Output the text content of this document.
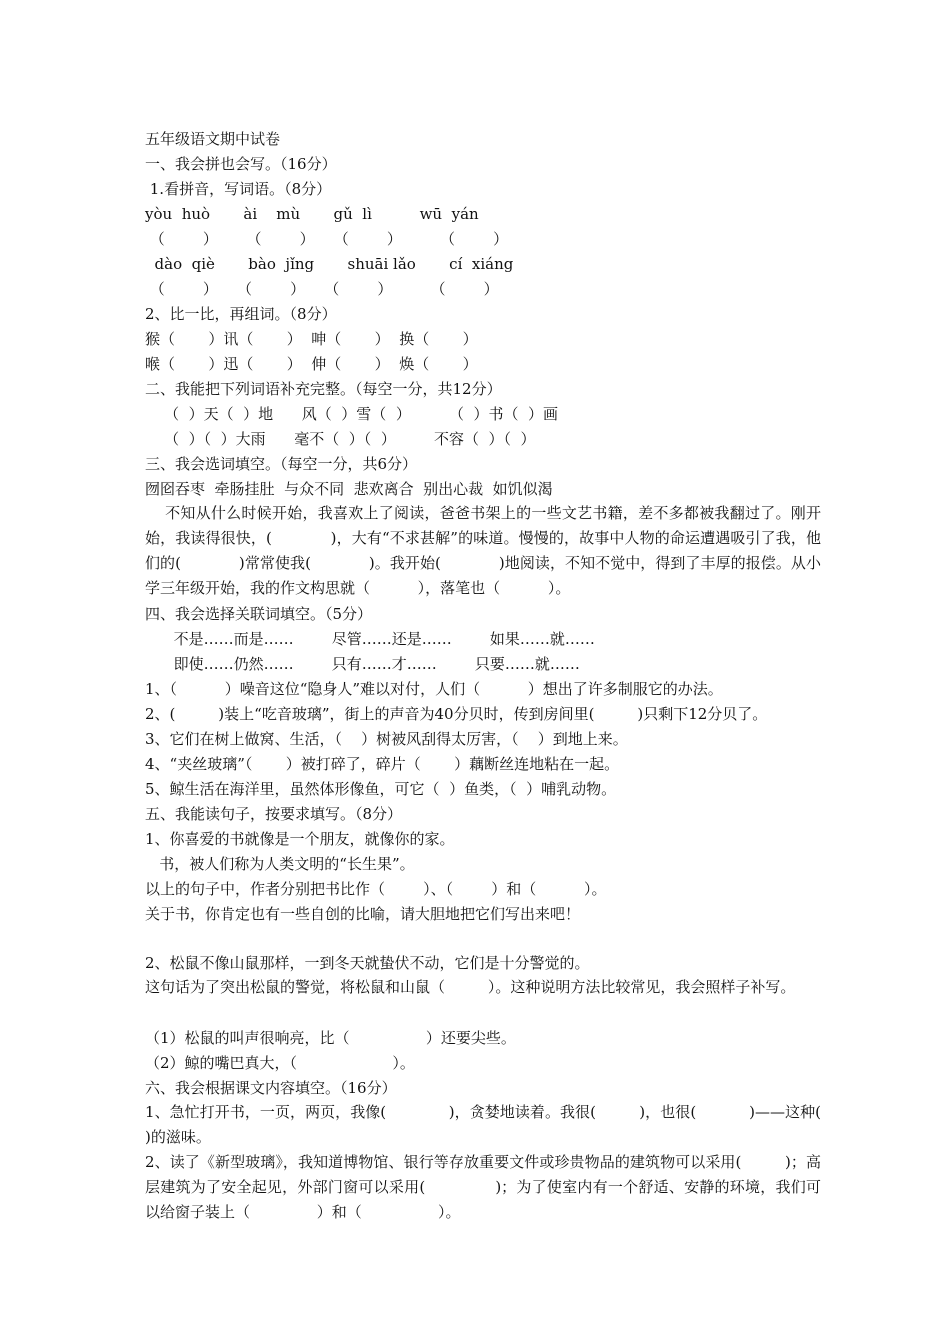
五年级语文期中试卷
一、我会拼也会写。（16分）
1.看拼音，写词语。（8分）
yòu  huò       ài    mù       gǔ  lì          wū  yán
（        ）      （        ）    （        ）        （        ）
dào  qiè       bào  jǐng       shuāi lǎo       cí  xiáng
（        ）    （        ）    （        ）        （        ）
2、比一比，再组词。（8分）
猴（       ）讯（       ）  呻（       ）  换（       ）
喉（       ）迅（       ）  伸（       ）  焕（       ）
二、我能把下列词语补充完整。（每空一分，共12分）
（  ）天（  ）地      风（  ）雪（  ）        （  ）书（  ）画
（  ）（  ）大雨      毫不（  ）（  ）        不容（  ）（  ）
三、我会选词填空。（每空一分，共6分）
囫囵吞枣  牵肠挂肚  与众不同  悲欢离合  别出心裁  如饥似渴
不知从什么时候开始，我喜欢上了阅读，爸爸书架上的一些文艺书籍，差不多都被我翻过了。刚开始，我读得很快，(            )，大有“不求甚解”的味道。慢慢的，故事中人物的命运遭遇吸引了我，他们的(            )常常使我(            )。我开始(            )地阅读，不知不觉中，得到了丰厚的报偿。从小学三年级开始，我的作文构思就（          ），落笔也（          ）。
四、我会选择关联词填空。（5分）
不是……而是……        尽管……还是……        如果……就……
即使……仍然……        只有……才……        只要……就……
1、（          ）噪音这位“隐身人”难以对付，人们（          ）想出了许多制服它的办法。
2、(         )装上“吃音玻璃”，街上的声音为40分贝时，传到房间里(         )只剩下12分贝了。
3、它们在树上做窝、生活，（    ）树被风刮得太厉害，（    ）到地上来。
4、“夹丝玻璃”（       ）被打碎了，碎片（       ）藕断丝连地粘在一起。
5、鲸生活在海洋里，虽然体形像鱼，可它（  ）鱼类，（  ）哺乳动物。
五、我能读句子，按要求填写。（8分）
1、你喜爱的书就像是一个朋友，就像你的家。
书，被人们称为人类文明的“长生果”。
以上的句子中，作者分别把书比作（        ）、（        ）和（          ）。
关于书，你肯定也有一些自创的比喻，请大胆地把它们写出来吧！
2、松鼠不像山鼠那样，一到冬天就蛰伏不动，它们是十分警觉的。
这句话为了突出松鼠的警觉，将松鼠和山鼠（         ）。这种说明方法比较常见，我会照样子补写。
（1）松鼠的叫声很响亮，比（                ）还要尖些。
（2）鲸的嘴巴真大，（                    ）。
六、我会根据课文内容填空。（16分）
1、急忙打开书，一页，两页，我像(             )，贪婪地读着。我很(         )，也很(           )——这种(        )的滋味。
2、读了《新型玻璃》，我知道博物馆、银行等存放重要文件或珍贵物品的建筑物可以采用(         )；高层建筑为了安全起见，外部门窗可以采用(              )；为了使室内有一个舒适、安静的环境，我们可以给窗子装上（              ）和（                ）。
